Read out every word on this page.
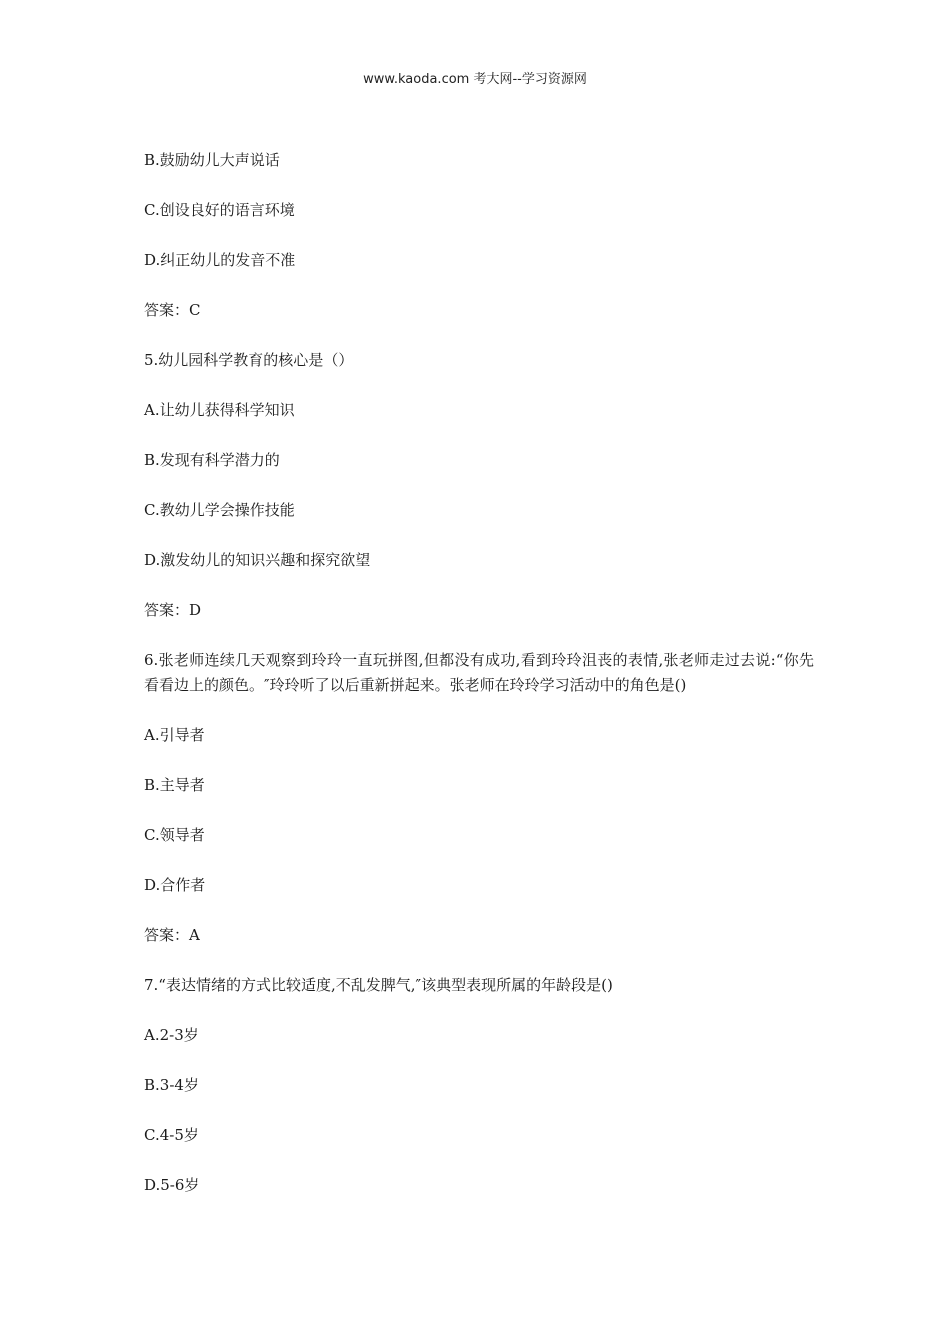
www.kaoda.com 考大网--学习资源网
B.鼓励幼儿大声说话
C.创设良好的语言环境
D.纠正幼儿的发音不准
答案：C
5.幼儿园科学教育的核心是（）
A.让幼儿获得科学知识
B.发现有科学潜力的
C.教幼儿学会操作技能
D.激发幼儿的知识兴趣和探究欲望
答案：D
6.张老师连续几天观察到玲玲一直玩拼图,但都没有成功,看到玲玲沮丧的表情,张老师走过去说:“你先看看边上的颜色。″玲玲听了以后重新拼起来。张老师在玲玲学习活动中的角色是()
A.引导者
B.主导者
C.领导者
D.合作者
答案：A
7.“表达情绪的方式比较适度,不乱发脾气,″该典型表现所属的年龄段是()
A.2-3岁
B.3-4岁
C.4-5岁
D.5-6岁
